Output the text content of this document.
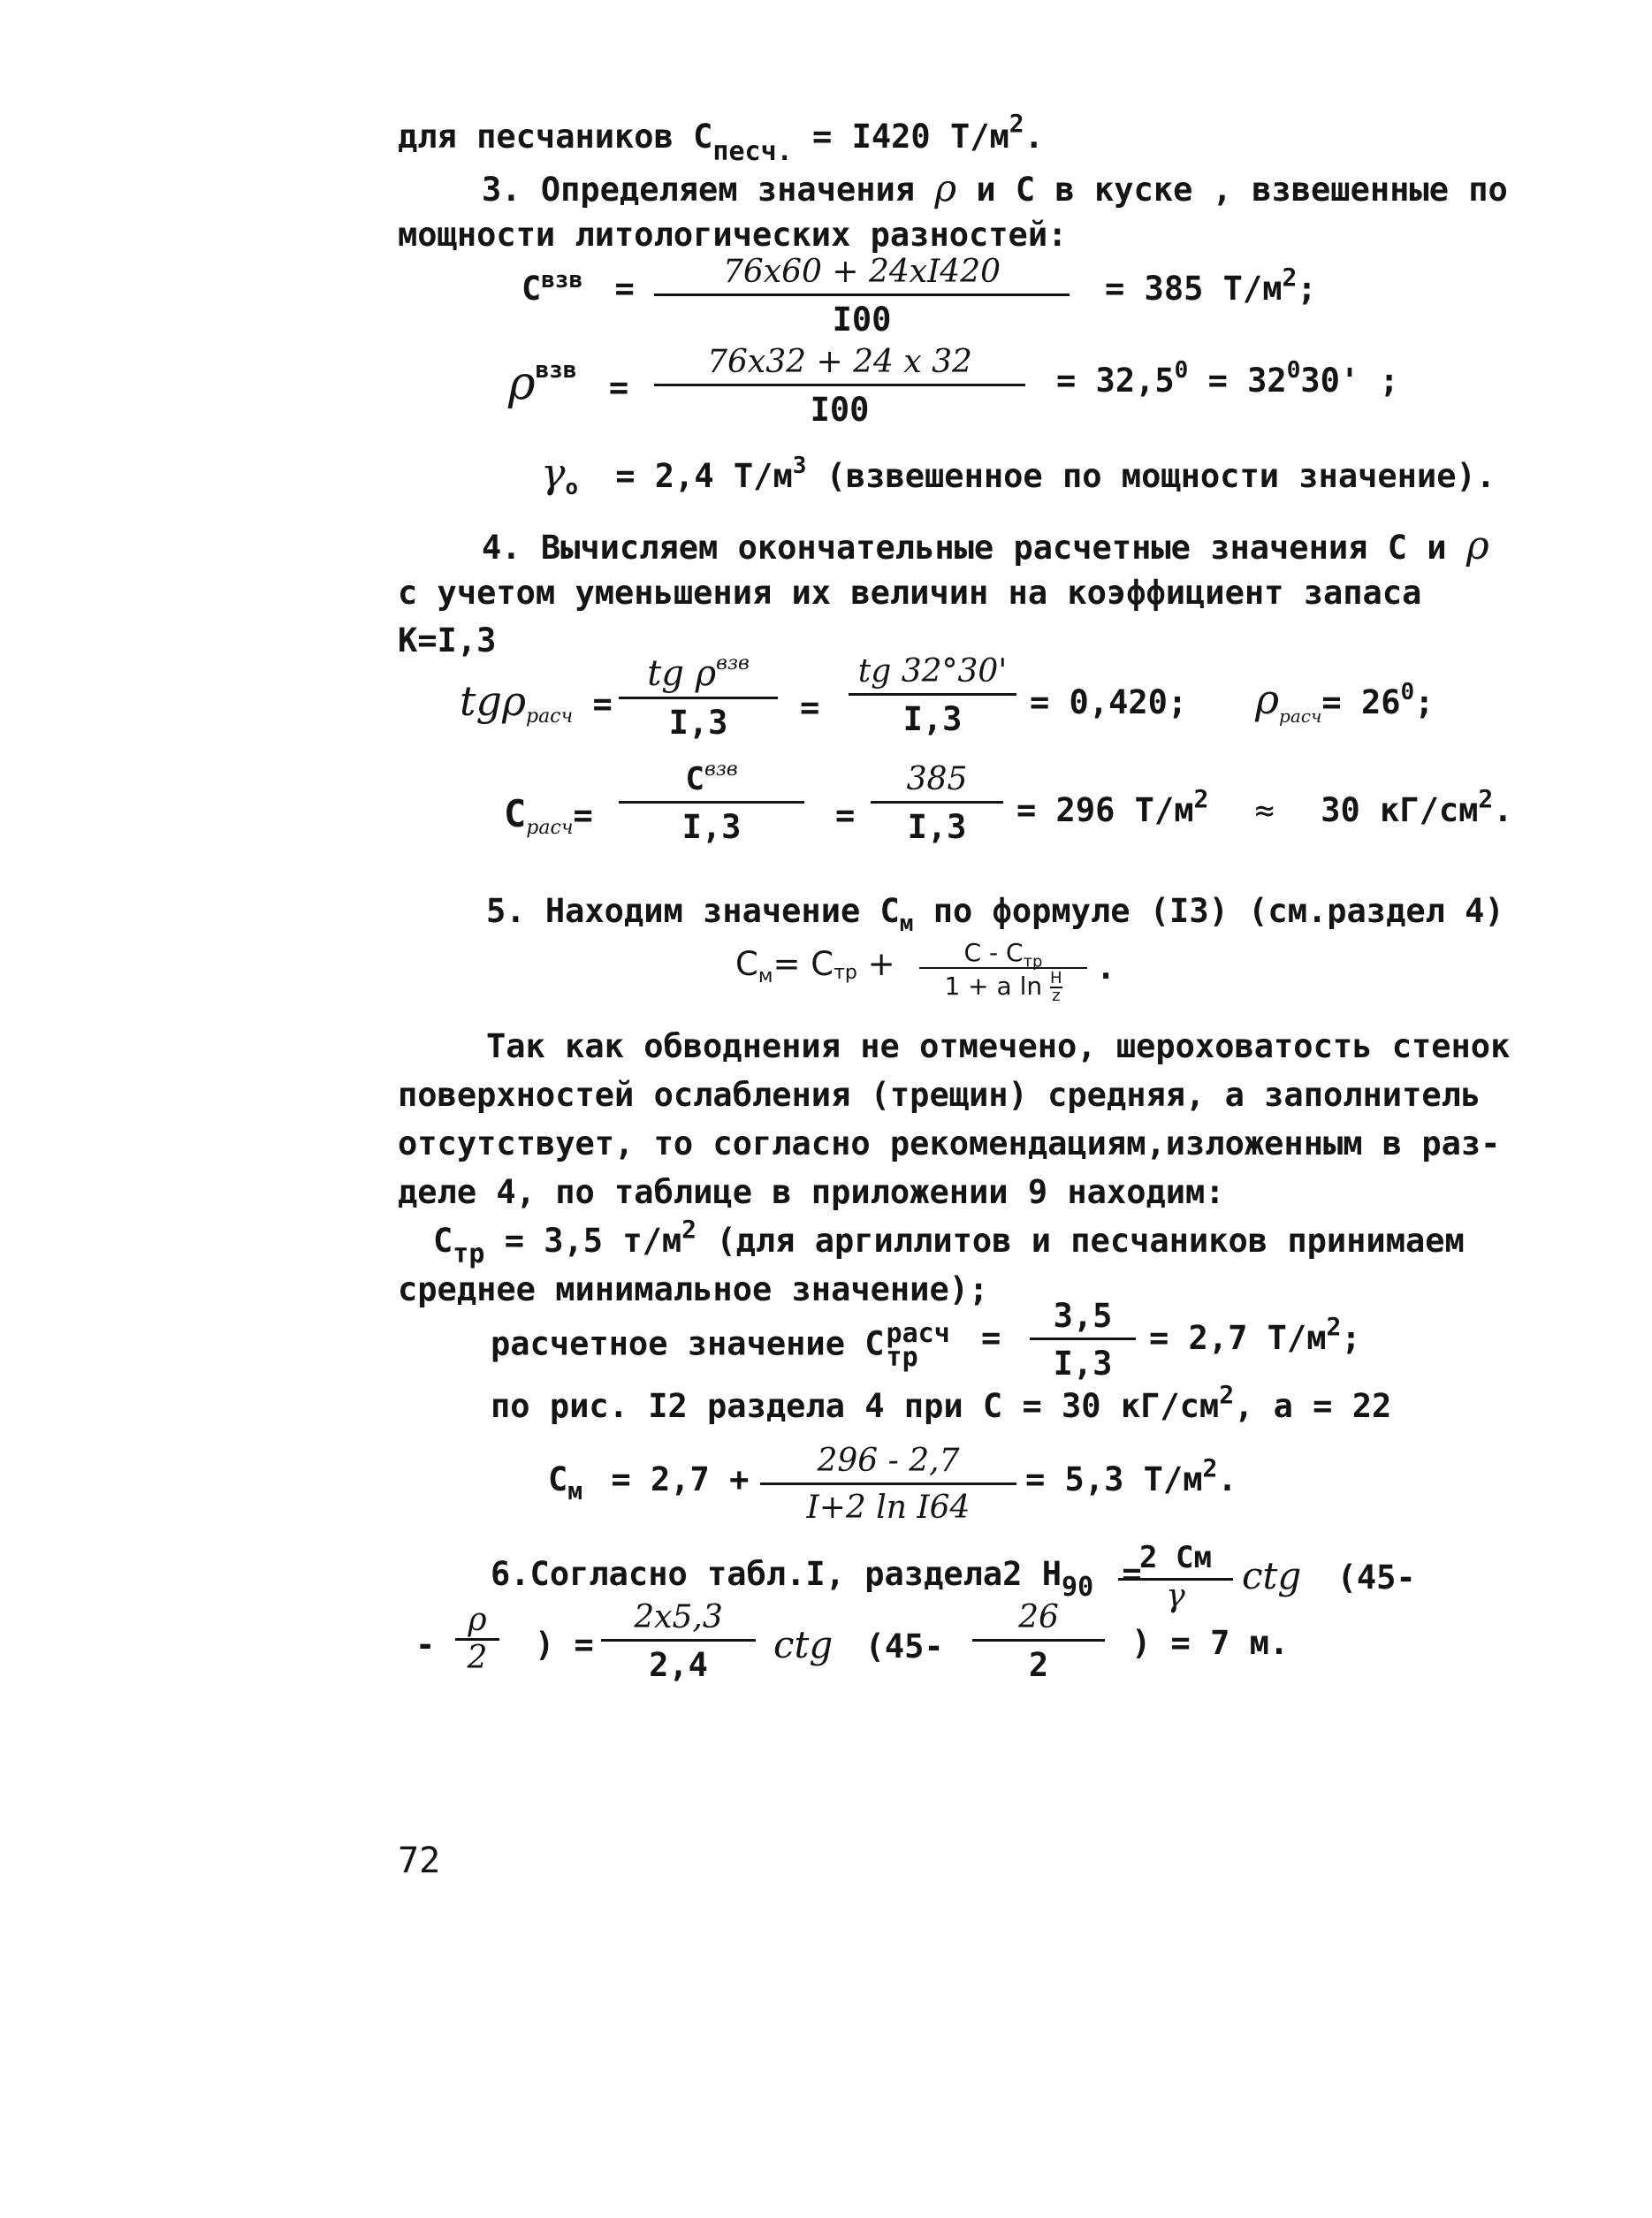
для песчаников $С_{песч.} = I420$ $Т/м^2$.
3. Определяем значения ρ и С в куске , взвешенные по
мощности литологических разностей:
$С^{взв}$ =	76х60 + 24хI420
I00
= 385 $Т/м^2$;
$\rho^{взв}$ =
76х32 + 24 х 32
I00
= $32,5^0 = 32^030'$ ;
$\gamma_o = 2,4$ $Т/м^3$ (взвешенное по мощности значение).
4. Вычисляем окончательные расчетные значения С и ρ
с учетом уменьшения их величин на коэффициент запаса
К=I,3
tgρ$_{расч}$ =
tg $\rho^{взв}$
I,3	= $\frac{tg 32^\circ 30'}{I,3} = 0,420$; $\rho_{расч}= 26^0$;
$С_{расч}=$
$С^{взв}$
I,3	= $\frac{385}{I,3} = 296$ $Т/м^2 \approx 30$ $кГ/см^2$.
5. Находим значение $С_м$ по формуле (I3) (см.раздел 4)
$С_м= С_{тр}$ +	С - $С_{тр}$
1 + a $\ln \frac{H}{z}$
.
Так как обводнения не отмечено, шероховатость стенок
поверхностей ослабления (трещин) средняя, а заполнитель
отсутствует, то согласно рекомендациям,изложенным в раз-
деле 4, по таблице в приложении 9 находим:
$С_{тр} = 3,5$ $т/м^2$ (для аргиллитов и песчаников принимаем
среднее минимальное значение);
расчетное значение С расч
тр
= $\frac{3,5}{I,3} = 2,7$ $Т/м^2$;
по рис. I2 раздела 4 при С = 30 $кГ/см^2$, a = 22
$С_м = 2,7 + \frac{296 - 2,7}{\text{I+2 ln I64}} = 5,3$ $Т/м^2$.
6.Согласно табл.I, раздела2 $H_{90}$ =
2 См
γ	ctg (45-
- $\frac{\rho}{2}$ ) =
2х5,3
2,4	ctg ($45- \frac{26}{2}$ ) = 7 м.
72
